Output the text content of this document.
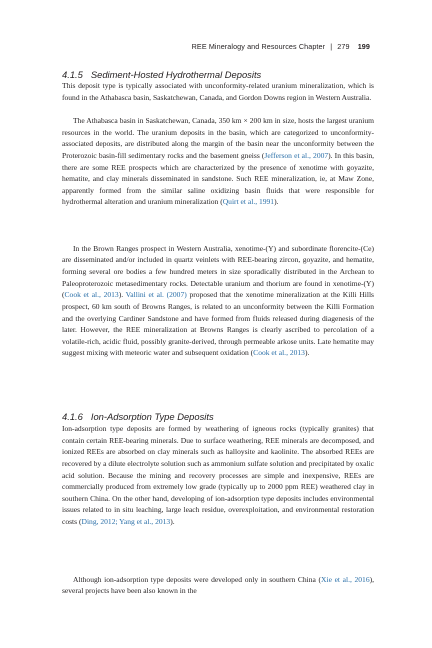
REE Mineralogy and Resources Chapter | 279 199
4.1.5 Sediment-Hosted Hydrothermal Deposits

This deposit type is typically associated with unconformity-related uranium mineralization, which is found in the Athabasca basin, Saskatchewan, Canada, and Gordon Downs region in Western Australia.

The Athabasca basin in Saskatchewan, Canada, 350 km × 200 km in size, hosts the largest uranium resources in the world. The uranium deposits in the basin, which are categorized to unconformity-associated deposits, are distributed along the margin of the basin near the unconformity between the Proterozoic basin-fill sedimentary rocks and the basement gneiss (Jefferson et al., 2007). In this basin, there are some REE prospects which are characterized by the presence of xenotime with goyazite, hematite, and clay minerals disseminated in sandstone. Such REE mineralization, ie, at Maw Zone, apparently formed from the similar saline oxidizing basin fluids that were responsible for hydrothermal alteration and uranium mineralization (Quirt et al., 1991).

In the Brown Ranges prospect in Western Australia, xenotime-(Y) and subordinate florencite-(Ce) are disseminated and/or included in quartz veinlets with REE-bearing zircon, goyazite, and hematite, forming several ore bodies a few hundred meters in size sporadically distributed in the Archean to Paleoproterozoic metasedimentary rocks. Detectable uranium and thorium are found in xenotime-(Y) (Cook et al., 2013). Vallini et al. (2007) proposed that the xenotime mineralization at the Killi Hills prospect, 60 km south of Browns Ranges, is related to an unconformity between the Killi Formation and the overlying Cardiner Sandstone and have formed from fluids released during diagenesis of the later. However, the REE mineralization at Browns Ranges is clearly ascribed to percolation of a volatile-rich, acidic fluid, possibly granite-derived, through permeable arkose units. Late hematite may suggest mixing with meteoric water and subsequent oxidation (Cook et al., 2013).

4.1.6 Ion-Adsorption Type Deposits

Ion-adsorption type deposits are formed by weathering of igneous rocks (typically granites) that contain certain REE-bearing minerals. Due to surface weathering, REE minerals are decomposed, and ionized REEs are absorbed on clay minerals such as halloysite and kaolinite. The absorbed REEs are recovered by a dilute electrolyte solution such as ammonium sulfate solution and precipitated by oxalic acid solution. Because the mining and recovery processes are simple and inexpensive, REEs are commercially produced from extremely low grade (typically up to 2000 ppm REE) weathered clay in southern China. On the other hand, developing of ion-adsorption type deposits includes environmental issues related to in situ leaching, large leach residue, overexploitation, and environmental restoration costs (Ding, 2012; Yang et al., 2013).

Although ion-adsorption type deposits were developed only in southern China (Xie et al., 2016), several projects have been also known in the
